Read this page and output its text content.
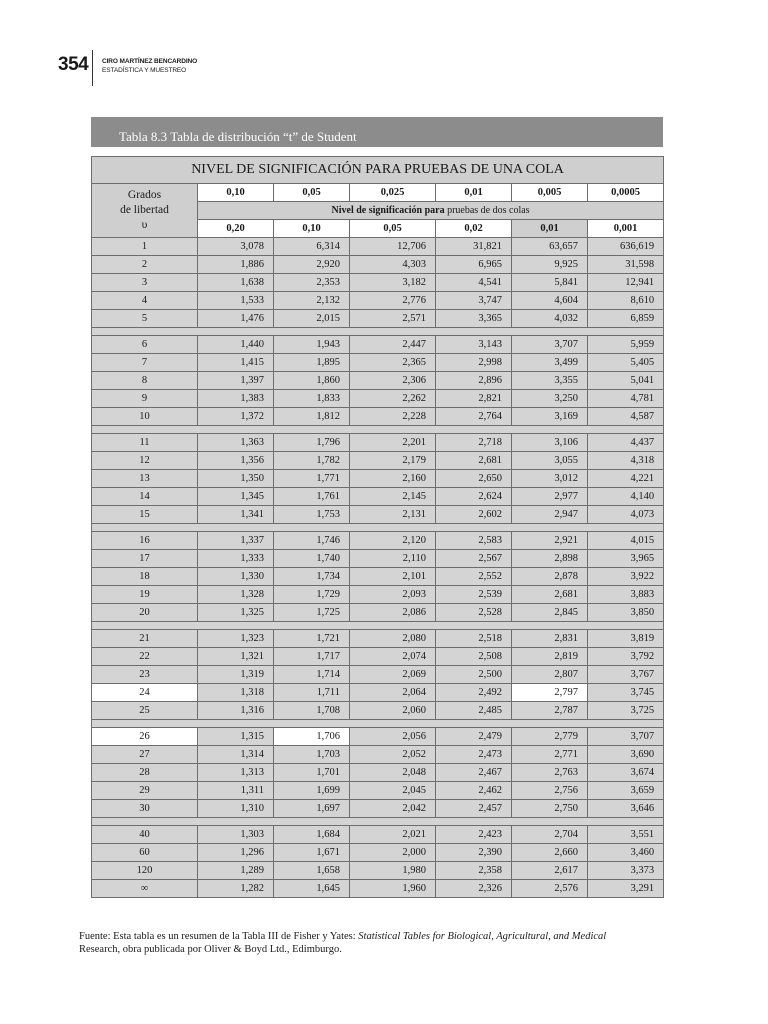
354 CIRO MARTÍNEZ BENCARDINO
ESTADÍSTICA Y MUESTREO
Tabla 8.3 Tabla de distribución “t” de Student
NIVEL DE SIGNIFICACIÓN PARA PRUEBAS DE UNA COLA						
Grados
de libertad
υ	0,10	0,05	0,025	0,01	0,005	0,0005
	Nivel de significación para pruebas de dos colas					
	0,20	0,10	0,05	0,02	0,01	0,001
1	3,078	6,314	12,706	31,821	63,657	636,619
2	1,886	2,920	4,303	6,965	9,925	31,598
3	1,638	2,353	3,182	4,541	5,841	12,941
4	1,533	2,132	2,776	3,747	4,604	8,610
5	1,476	2,015	2,571	3,365	4,032	6,859

6	1,440	1,943	2,447	3,143	3,707	5,959
7	1,415	1,895	2,365	2,998	3,499	5,405
8	1,397	1,860	2,306	2,896	3,355	5,041
9	1,383	1,833	2,262	2,821	3,250	4,781
10	1,372	1,812	2,228	2,764	3,169	4,587

11	1,363	1,796	2,201	2,718	3,106	4,437
12	1,356	1,782	2,179	2,681	3,055	4,318
13	1,350	1,771	2,160	2,650	3,012	4,221
14	1,345	1,761	2,145	2,624	2,977	4,140
15	1,341	1,753	2,131	2,602	2,947	4,073

16	1,337	1,746	2,120	2,583	2,921	4,015
17	1,333	1,740	2,110	2,567	2,898	3,965
18	1,330	1,734	2,101	2,552	2,878	3,922
19	1,328	1,729	2,093	2,539	2,681	3,883
20	1,325	1,725	2,086	2,528	2,845	3,850

21	1,323	1,721	2,080	2,518	2,831	3,819
22	1,321	1,717	2,074	2,508	2,819	3,792
23	1,319	1,714	2,069	2,500	2,807	3,767
24	1,318	1,711	2,064	2,492	2,797	3,745
25	1,316	1,708	2,060	2,485	2,787	3,725

26	1,315	1,706	2,056	2,479	2,779	3,707
27	1,314	1,703	2,052	2,473	2,771	3,690
28	1,313	1,701	2,048	2,467	2,763	3,674
29	1,311	1,699	2,045	2,462	2,756	3,659
30	1,310	1,697	2,042	2,457	2,750	3,646

40	1,303	1,684	2,021	2,423	2,704	3,551
60	1,296	1,671	2,000	2,390	2,660	3,460
120	1,289	1,658	1,980	2,358	2,617	3,373
∞	1,282	1,645	1,960	2,326	2,576	3,291
Fuente: Esta tabla es un resumen de la Tabla III de Fisher y Yates: Statistical Tables for Biological, Agricultural, and Medical
Research, obra publicada por Oliver & Boyd Ltd., Edimburgo.
